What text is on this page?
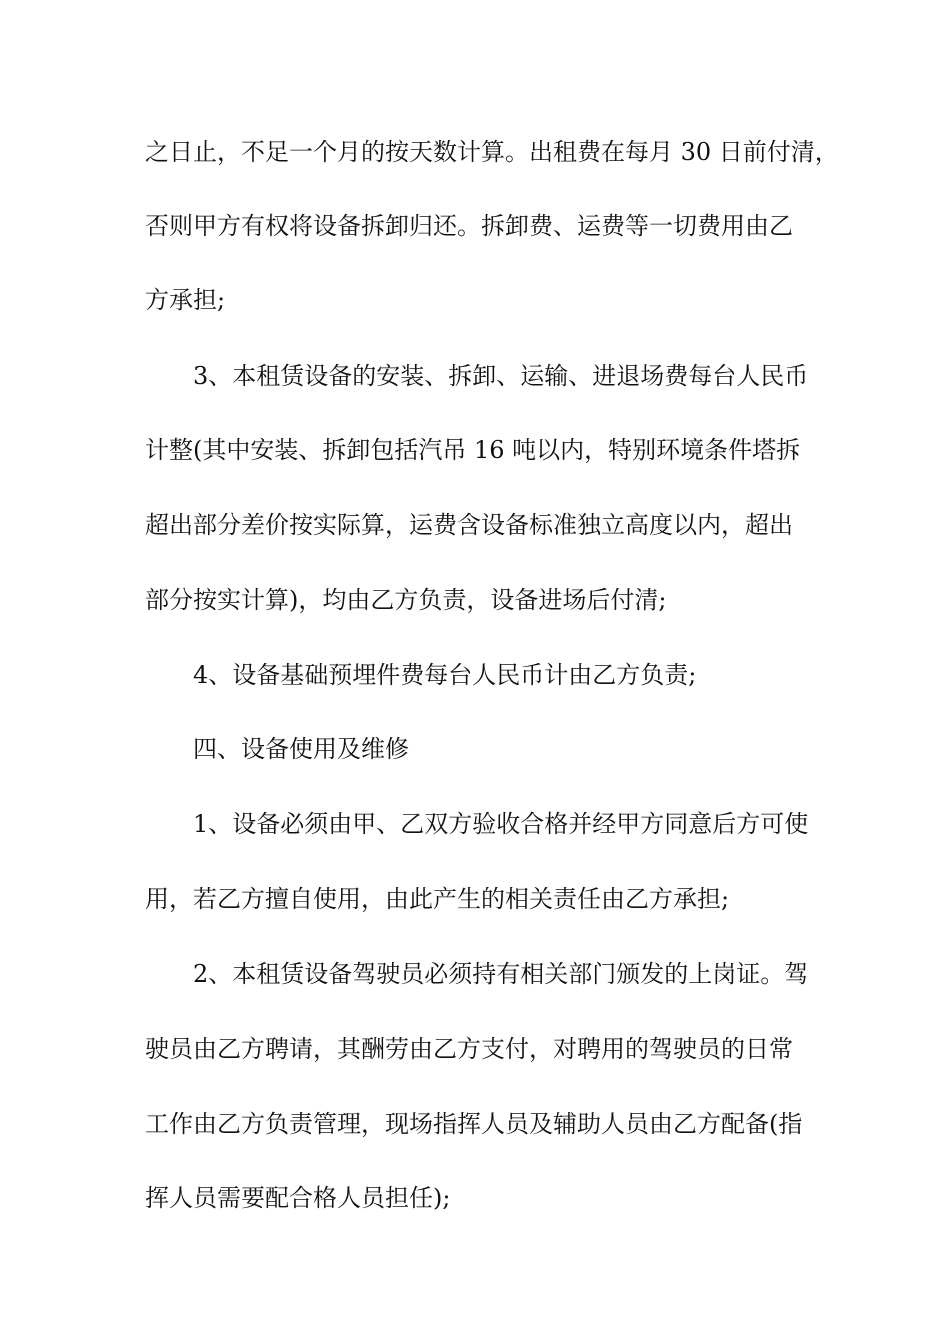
之日止，不足一个月的按天数计算。出租费在每月 30 日前付清，
否则甲方有权将设备拆卸归还。拆卸费、运费等一切费用由乙
方承担;
3、本租赁设备的安装、拆卸、运输、进退场费每台人民币
计整(其中安装、拆卸包括汽吊 16 吨以内，特别环境条件塔拆
超出部分差价按实际算，运费含设备标准独立高度以内，超出
部分按实计算)，均由乙方负责，设备进场后付清;
4、设备基础预埋件费每台人民币计由乙方负责;
四、设备使用及维修
1、设备必须由甲、乙双方验收合格并经甲方同意后方可使
用，若乙方擅自使用，由此产生的相关责任由乙方承担;
2、本租赁设备驾驶员必须持有相关部门颁发的上岗证。驾
驶员由乙方聘请，其酬劳由乙方支付，对聘用的驾驶员的日常
工作由乙方负责管理，现场指挥人员及辅助人员由乙方配备(指
挥人员需要配合格人员担任);
